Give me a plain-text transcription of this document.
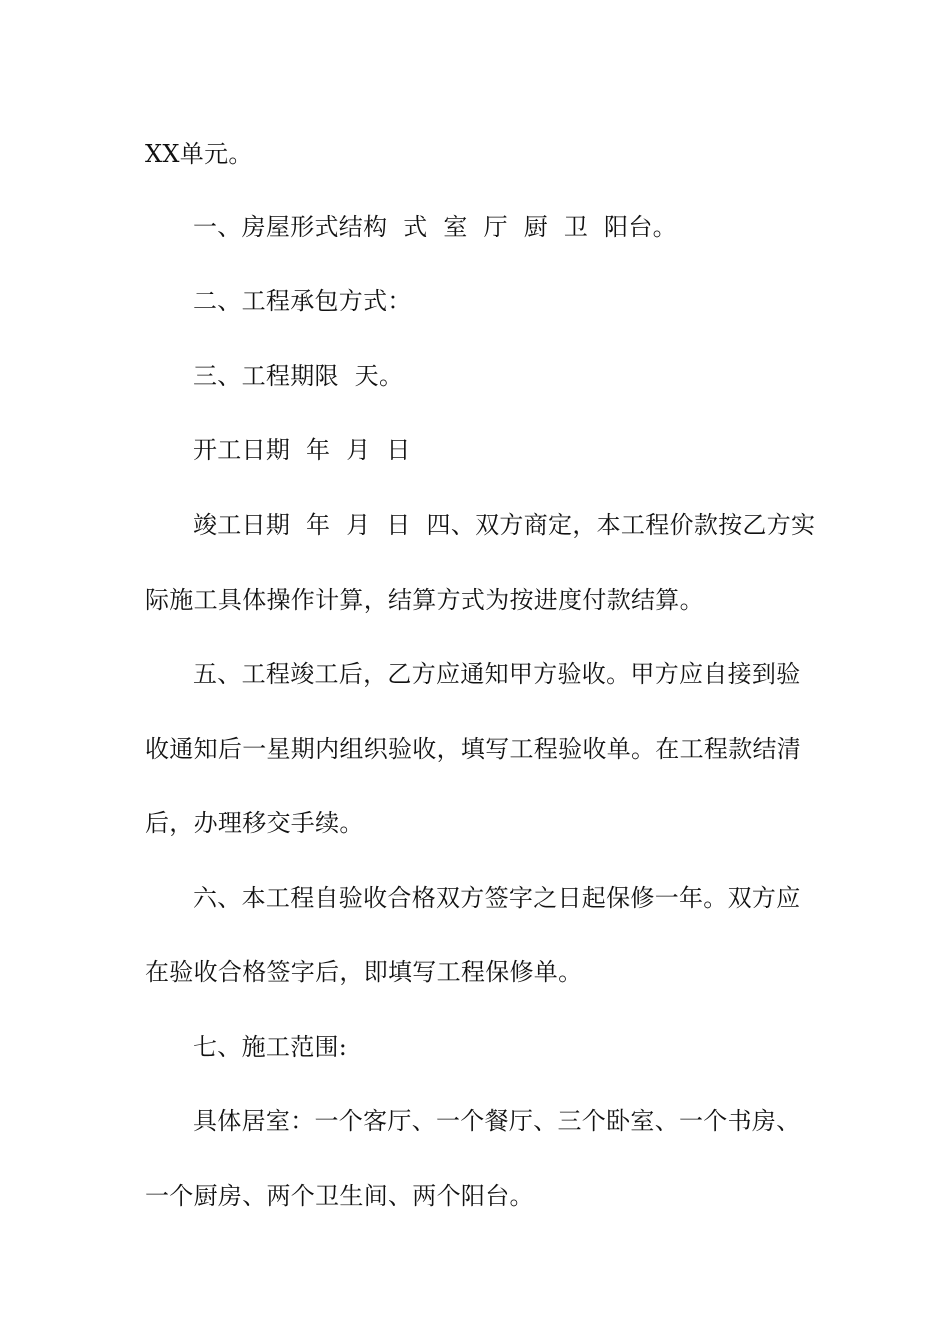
XX单元。
一、房屋形式结构  式  室  厅  厨  卫  阳台。
二、工程承包方式：
三、工程期限  天。
开工日期  年  月  日
竣工日期  年  月  日  四、双方商定，本工程价款按乙方实
际施工具体操作计算，结算方式为按进度付款结算。
五、工程竣工后，乙方应通知甲方验收。甲方应自接到验
收通知后一星期内组织验收，填写工程验收单。在工程款结清
后，办理移交手续。
六、本工程自验收合格双方签字之日起保修一年。双方应
在验收合格签字后，即填写工程保修单。
七、施工范围:
具体居室：一个客厅、一个餐厅、三个卧室、一个书房、
一个厨房、两个卫生间、两个阳台。
